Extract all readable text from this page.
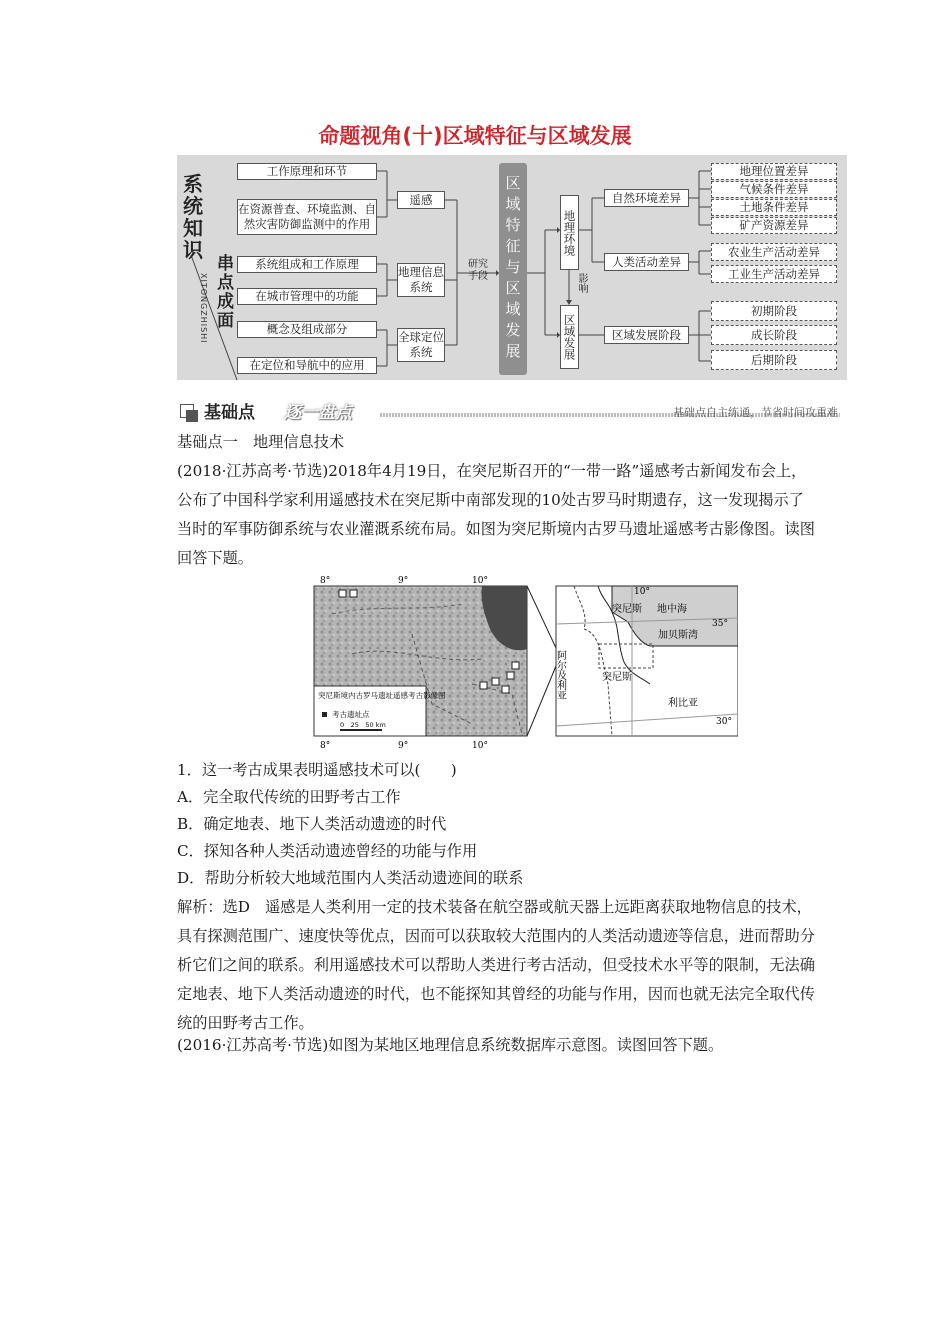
命题视角(十)区域特征与区域发展
系统知识
串点成面
XITONGZHISHI
工作原理和环节
在资源普查、环境监测、自然灾害防御监测中的作用
系统组成和工作原理
在城市管理中的功能
概念及组成部分
在定位和导航中的应用
遥感
地理信息系统
全球定位系统
研究手段	区域特征与区域发展	地理环境
影响
区域发展
自然环境差异
人类活动差异
区域发展阶段
地理位置差异
气候条件差异
土地条件差异
矿产资源差异
农业生产活动差异
工业生产活动差异
初期阶段
成长阶段
后期阶段
基础点 逐一盘点	基础点自主练通，节省时间攻重难

基础点一　地理信息技术

(2018·江苏高考·节选)2018年4月19日，在突尼斯召开的“一带一路”遥感考古新闻发布会上，公布了中国科学家利用遥感技术在突尼斯中南部发现的10处古罗马时期遗存，这一发现揭示了当时的军事防御系统与农业灌溉系统布局。如图为突尼斯境内古罗马遗址遥感考古影像图。读图回答下题。

突尼斯境内古罗马遗址遥感考古影像图
考古遗址点
0　25　50 km
8°	9°	10°
8°	9°	10°
10°
突尼斯 地中海
35°
加贝斯湾
阿尔及利亚	突尼斯
利比亚
30°

1．这一考古成果表明遥感技术可以(　　)

A．完全取代传统的田野考古工作

B．确定地表、地下人类活动遗迹的时代

C．探知各种人类活动遗迹曾经的功能与作用

D．帮助分析较大地域范围内人类活动遗迹间的联系

解析：选D　遥感是人类利用一定的技术装备在航空器或航天器上远距离获取地物信息的技术，具有探测范围广、速度快等优点，因而可以获取较大范围内的人类活动遗迹等信息，进而帮助分析它们之间的联系。利用遥感技术可以帮助人类进行考古活动，但受技术水平等的限制，无法确定地表、地下人类活动遗迹的时代，也不能探知其曾经的功能与作用，因而也就无法完全取代传统的田野考古工作。

(2016·江苏高考·节选)如图为某地区地理信息系统数据库示意图。读图回答下题。
